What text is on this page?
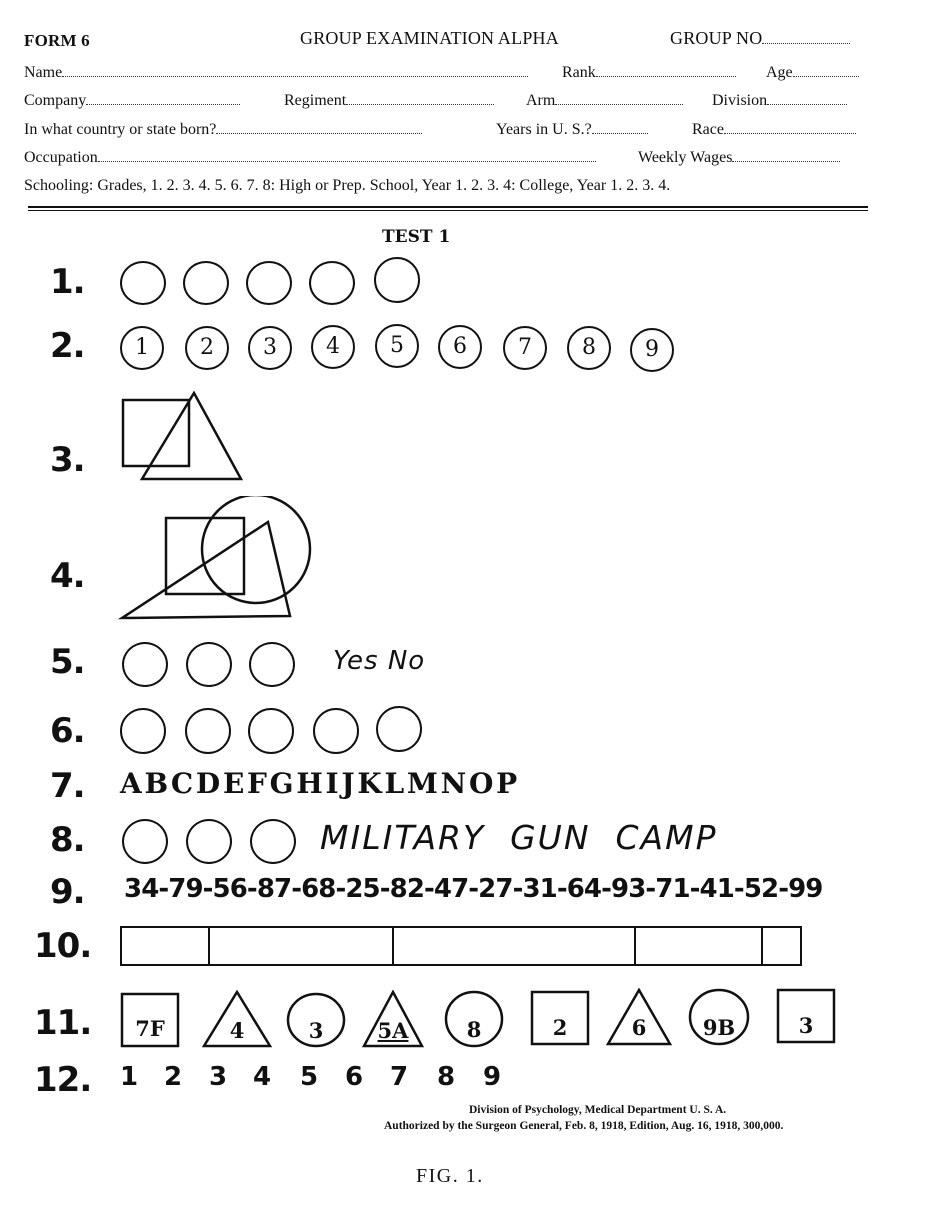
FORM 6	GROUP EXAMINATION ALPHA	GROUP NO
Name	Rank	Age
Company	Regiment	Arm	Division
In what country or state born?	Years in U. S.?	Race
Occupation	Weekly Wages
Schooling: Grades, 1. 2. 3. 4. 5. 6. 7. 8: High or Prep. School, Year 1. 2. 3. 4: College, Year 1. 2. 3. 4.
TEST 1
1.
2.
3.
4.
5.
6.
7.
8.
9.
10.
11.
12.
1	2	3	4	5	6	7	8	9
Yes No
A B C D E F G H I J K L M N O P
MILITARY  GUN  CAMP
34-79-56-87-68-25-82-47-27-31-64-93-71-41-52-99
7F	4	3	5A	8	2	6	9B	3
1 2 3 4 5 6 7 8 9
Division of Psychology, Medical Department U. S. A.
Authorized by the Surgeon General, Feb. 8, 1918, Edition, Aug. 16, 1918, 300,000.
FIG. 1.
